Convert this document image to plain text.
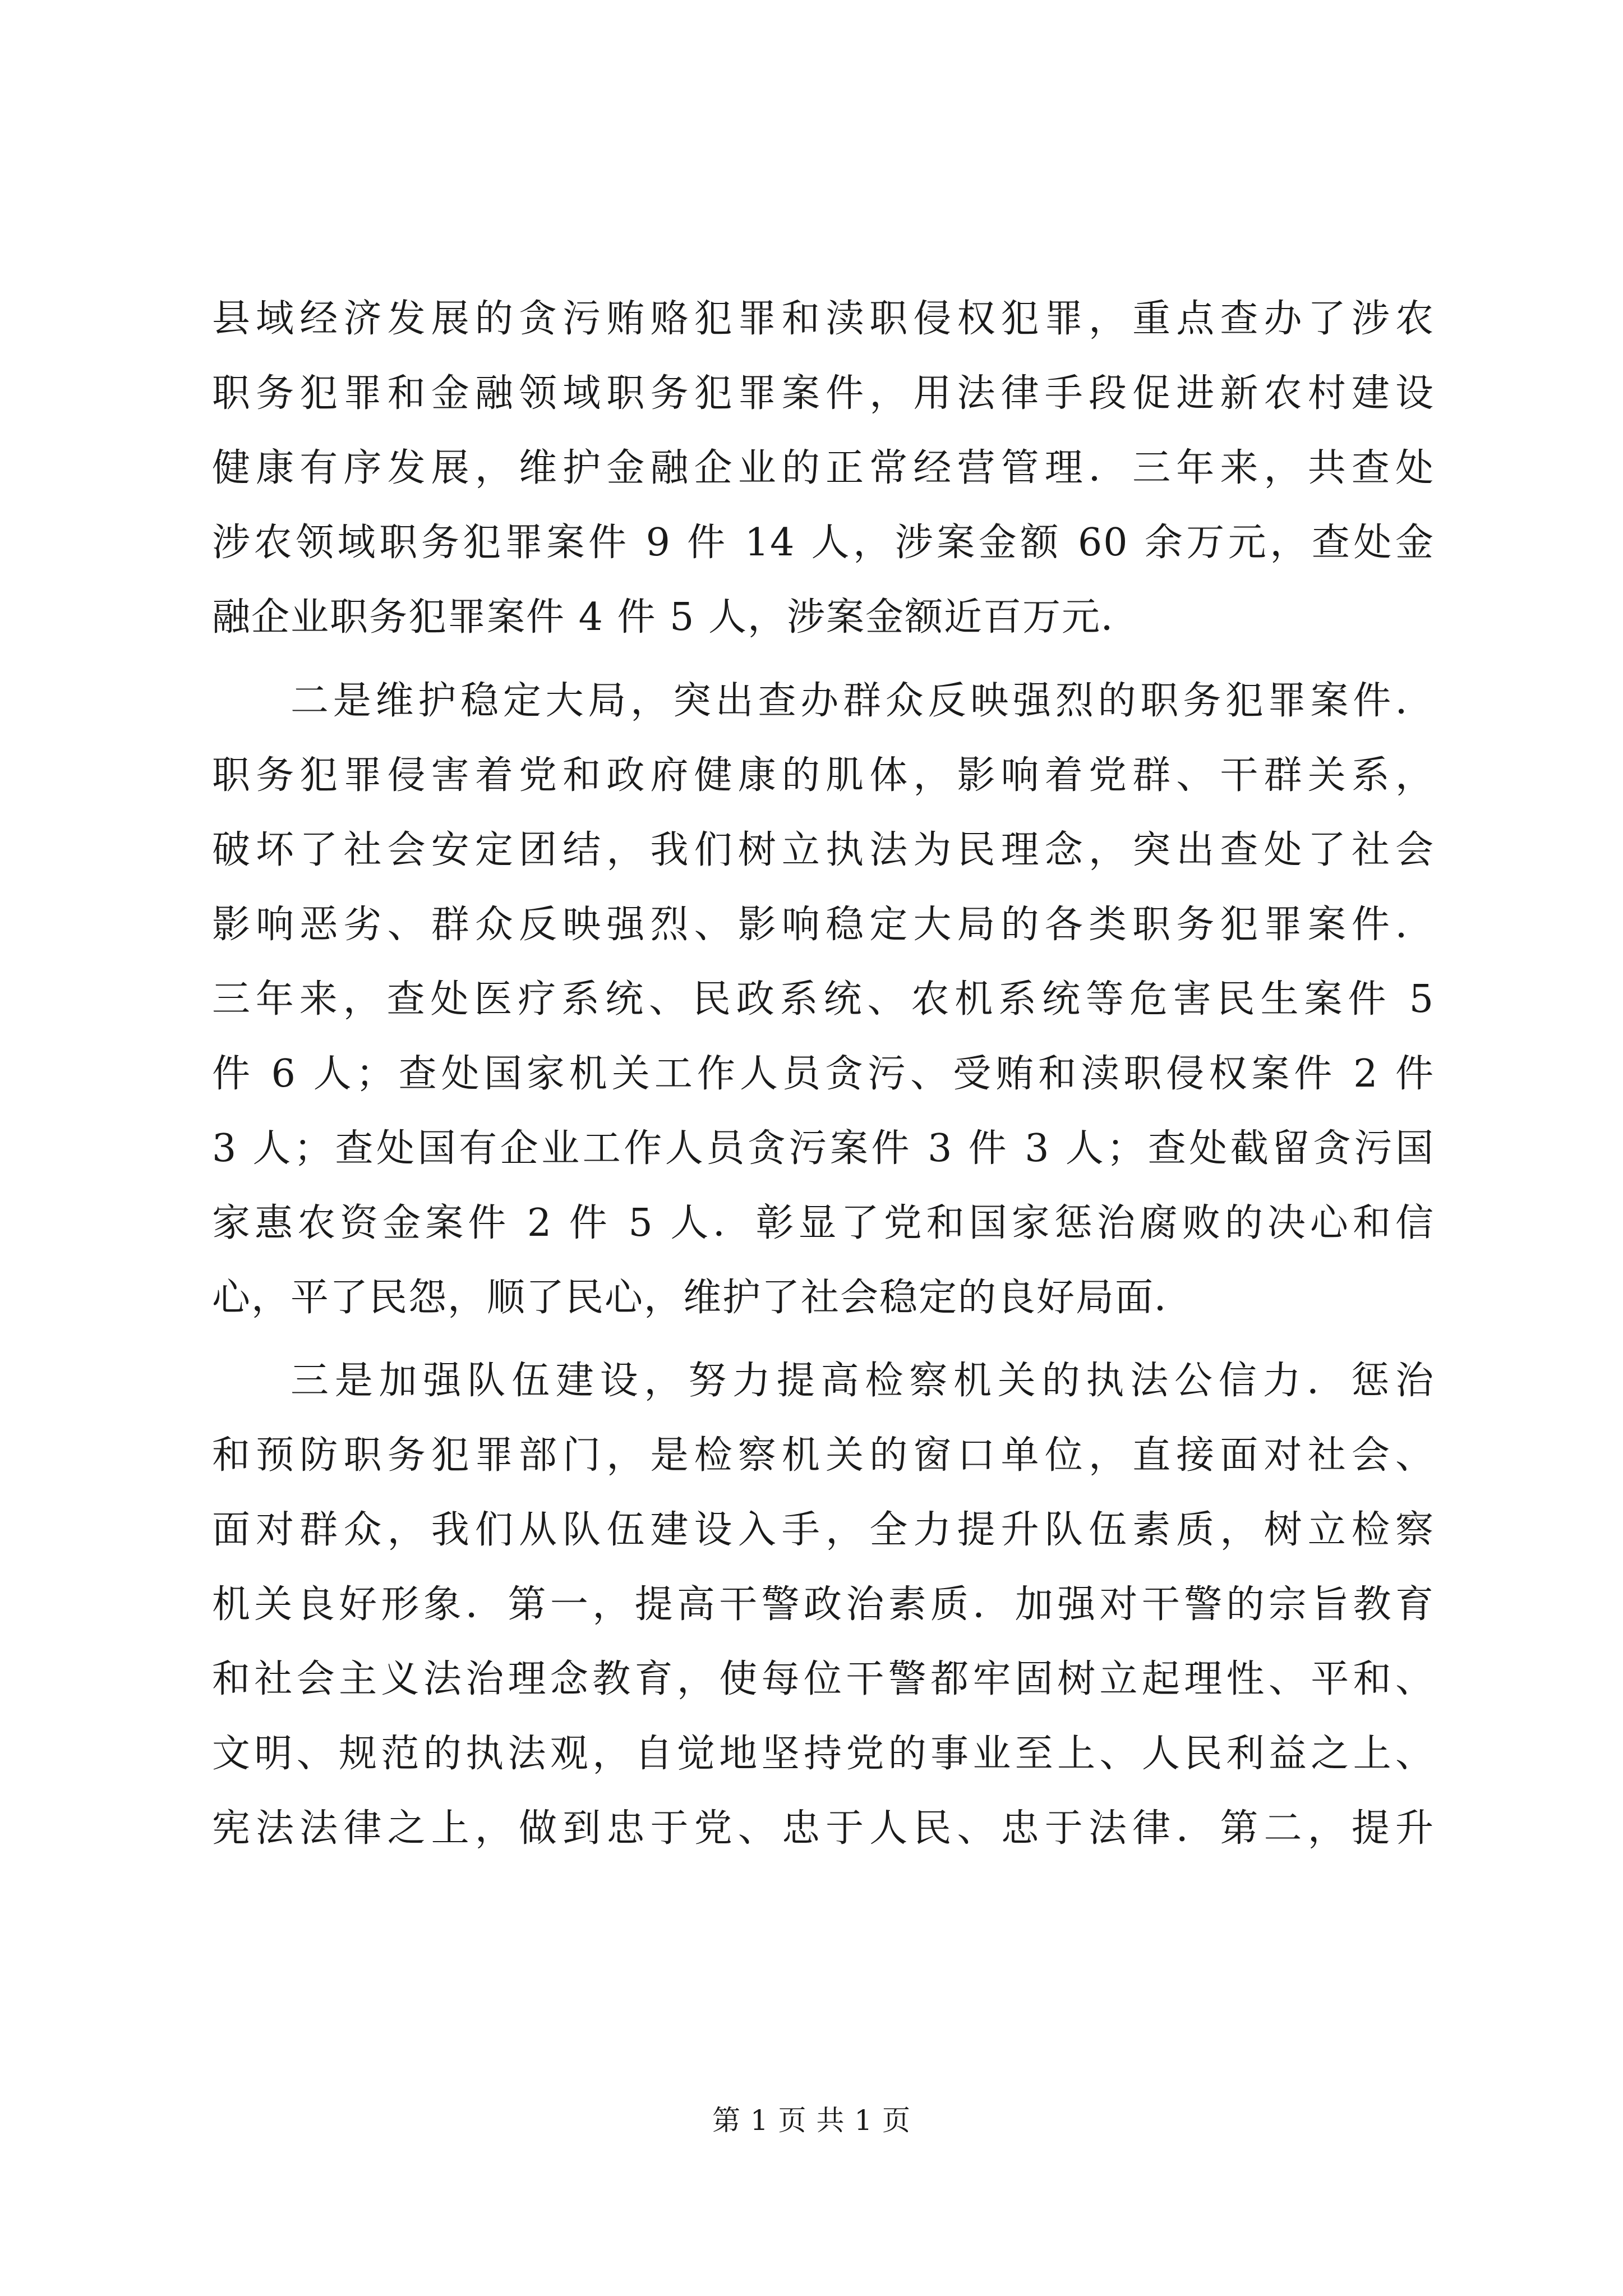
县域经济发展的贪污贿赂犯罪和渎职侵权犯罪，重点查办了涉农
职务犯罪和金融领域职务犯罪案件，用法律手段促进新农村建设
健康有序发展，维护金融企业的正常经营管理．三年来，共查处
涉农领域职务犯罪案件 9 件 14 人，涉案金额 60 余万元，查处金
融企业职务犯罪案件 4 件 5 人，涉案金额近百万元．
二是维护稳定大局，突出查办群众反映强烈的职务犯罪案件．
职务犯罪侵害着党和政府健康的肌体，影响着党群、干群关系，
破坏了社会安定团结，我们树立执法为民理念，突出查处了社会
影响恶劣、群众反映强烈、影响稳定大局的各类职务犯罪案件．
三年来，查处医疗系统、民政系统、农机系统等危害民生案件 5
件 6 人；查处国家机关工作人员贪污、受贿和渎职侵权案件 2 件
3 人；查处国有企业工作人员贪污案件 3 件 3 人；查处截留贪污国
家惠农资金案件 2 件 5 人．彰显了党和国家惩治腐败的决心和信
心，平了民怨，顺了民心，维护了社会稳定的良好局面．
三是加强队伍建设，努力提高检察机关的执法公信力．惩治
和预防职务犯罪部门，是检察机关的窗口单位，直接面对社会、
面对群众，我们从队伍建设入手，全力提升队伍素质，树立检察
机关良好形象．第一，提高干警政治素质．加强对干警的宗旨教育
和社会主义法治理念教育，使每位干警都牢固树立起理性、平和、
文明、规范的执法观，自觉地坚持党的事业至上、人民利益之上、
宪法法律之上，做到忠于党、忠于人民、忠于法律．第二，提升
第 1 页 共 1 页
